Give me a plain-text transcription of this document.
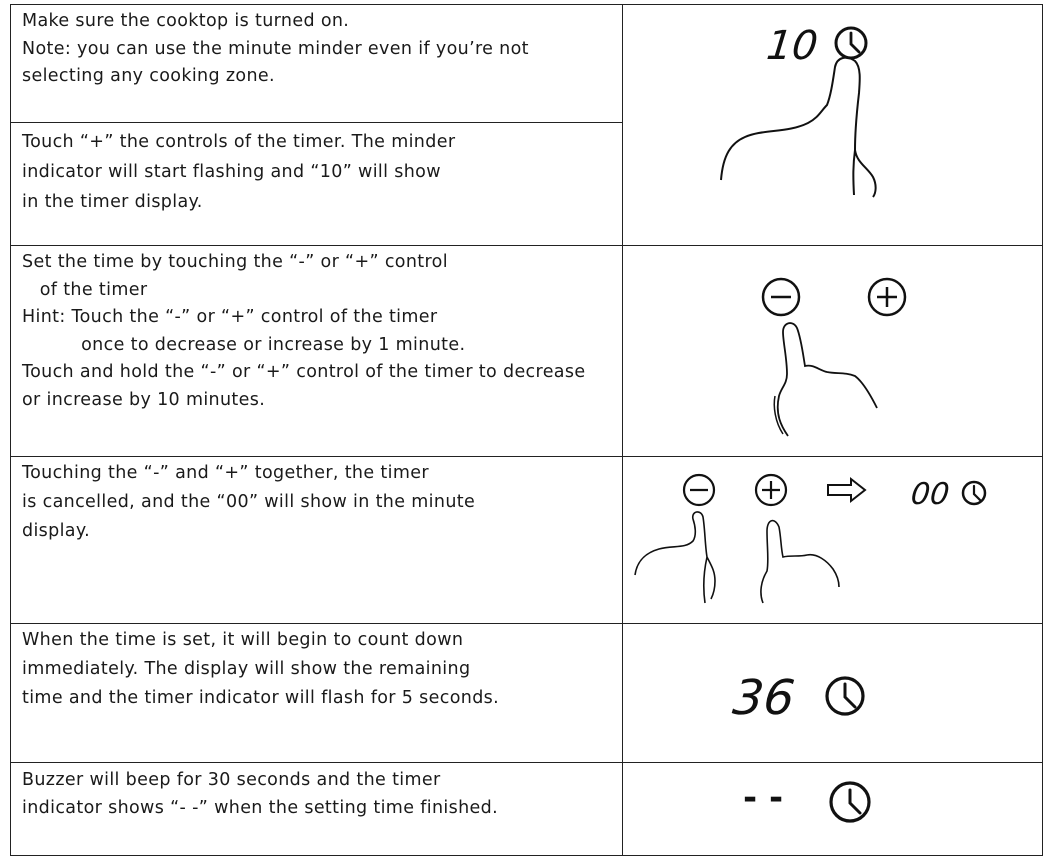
Make sure the cooktop is turned on.
Note: you can use the minute minder even if you’re not
selecting any cooking zone.
Touch “+” the controls of the timer. The minder
indicator will start flashing and “10” will show
in the timer display.
Set the time by touching the “-” or “+” control
of the timer
Hint: Touch the “-” or “+” control of the timer
once to decrease or increase by 1 minute.
Touch and hold the “-” or “+” control of the timer to decrease
or increase by 10 minutes.
Touching the “-” and “+” together, the timer
is cancelled, and the “00” will show in the minute
display.
When the time is set, it will begin to count down
immediately. The display will show the remaining
time and the timer indicator will flash for 5 seconds.
Buzzer will beep for 30 seconds and the timer
indicator shows “- -” when the setting time finished.
10
00
36
- -
